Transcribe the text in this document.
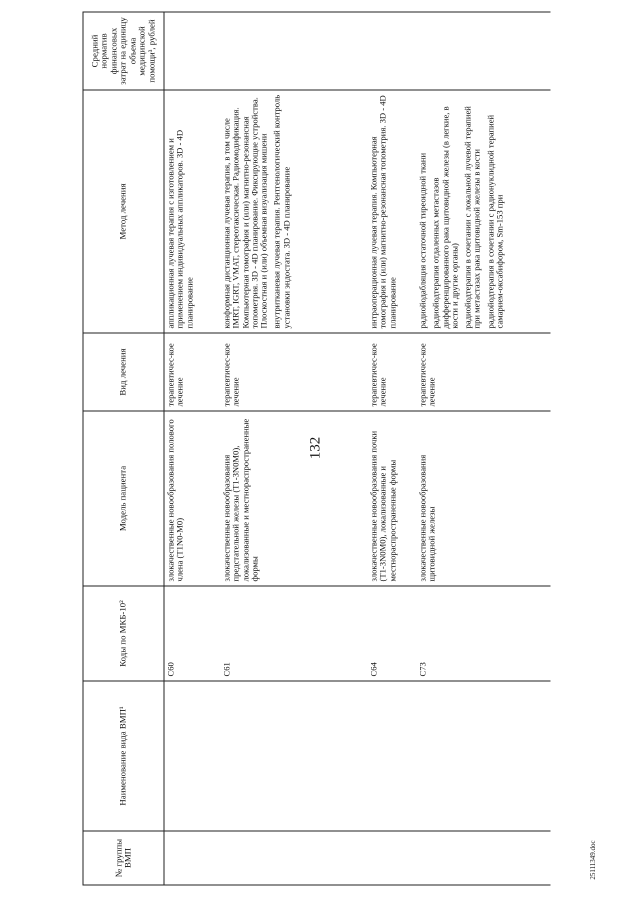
132
№ группы ВМП	Наименование вида ВМП¹	Коды по МКБ-10²	Модель пациента	Вид лечения	Метод лечения	Средний норматив финансовых затрат на единицу объема медицинской помощи³, рублей
		C60	злокачественные новообразования полового члена (T1N0-M0)	терапевтичес-кое лечение	аппликационная лучевая терапия с изготовлением и применением индивидуальных аппликаторов. 3D - 4D планирование	

		C61	злокачественные новообразования предстательной железы (T1-3N0M0), локализованные и местнораспространенные формы	терапевтичес-кое лечение	конформная дистанционная лучевая терапия, в том числе IMRT, IGRT, VMAT, стереотаксическая. Радиомодификация. Компьютерная томография и (или) магнитно-резонансная топометрия. 3D - 4D планирование. Фиксирующие устройства. Плоскостная и (или) объемная визуализация мишени внутритканевая лучевая терапия. Рентгенологический контроль установки эндостата. 3D - 4D планирование	

		C64	злокачественные новообразования почки (T1-3N0M0), локализованные и местнораспространенные формы	терапевтичес-кое лечение	интраоперационная лучевая терапия. Компьютерная томография и (или) магнитно-резонансная топометрия. 3D - 4D планирование	

		C73	злокачественные новообразования щитовидной железы	терапевтичес-кое лечение	радиойодабляция остаточной тиреоидной ткани радиойодтерапия отдаленных метастазов дифференцированного рака щитовидной железы (в легкие, в кости и другие органы) радиойодтерапия в сочетании с локальной лучевой терапией при метастазах рака щитовидной железы в кости радиойодтерапия в сочетании с радионуклидной терапией самарием-оксабифором, Sm-153 при	

25111349.doc
